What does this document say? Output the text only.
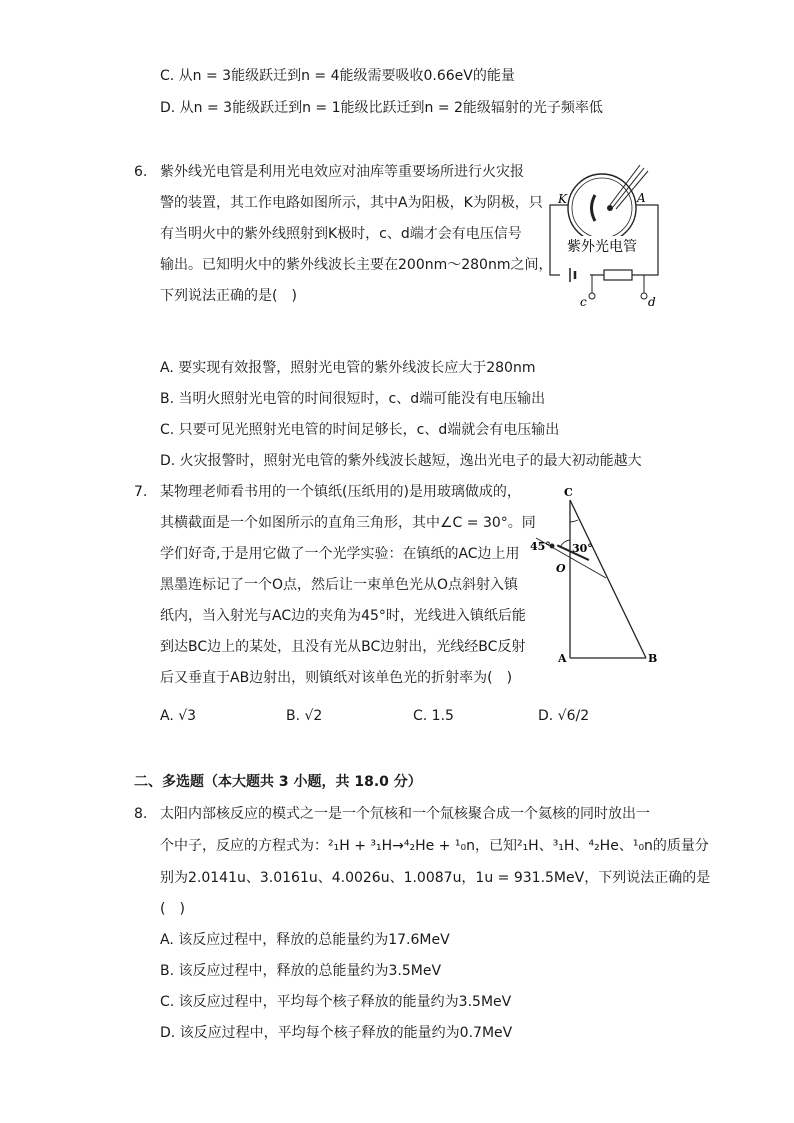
C. 从n = 3能级跃迁到n = 4能级需要吸收0.66eV的能量
D. 从n = 3能级跃迁到n = 1能级比跃迁到n = 2能级辐射的光子频率低
6. 紫外线光电管是利用光电效应对油库等重要场所进行火灾报
警的装置，其工作电路如图所示，其中A为阳极，K为阴极，只
有当明火中的紫外线照射到K极时，c、d端才会有电压信号
输出。已知明火中的紫外线波长主要在200nm～280nm之间，
下列说法正确的是(　)
K	A
紫外光电管
c	d
A. 要实现有效报警，照射光电管的紫外线波长应大于280nm
B. 当明火照射光电管的时间很短时，c、d端可能没有电压输出
C. 只要可见光照射光电管的时间足够长，c、d端就会有电压输出
D. 火灾报警时，照射光电管的紫外线波长越短，逸出光电子的最大初动能越大
7. 某物理老师看书用的一个镇纸(压纸用的)是用玻璃做成的，
其横截面是一个如图所示的直角三角形，其中∠C = 30°。同
学们好奇,于是用它做了一个光学实验：在镇纸的AC边上用
黑墨连标记了一个O点，然后让一束单色光从O点斜射入镇
纸内，当入射光与AC边的夹角为45°时，光线进入镇纸后能
到达BC边上的某处，且没有光从BC边射出，光线经BC反射
后又垂直于AB边射出，则镇纸对该单色光的折射率为(　)
C
45° 30°
O
A	B
A. √3	B. √2	C. 1.5	D. √6/2
二、多选题（本大题共 3 小题，共 18.0 分）
8. 太阳内部核反应的模式之一是一个氘核和一个氚核聚合成一个氦核的同时放出一
个中子，反应的方程式为：²₁H + ³₁H→⁴₂He + ¹₀n，已知²₁H、³₁H、⁴₂He、¹₀n的质量分
别为2.0141u、3.0161u、4.0026u、1.0087u，1u = 931.5MeV，下列说法正确的是
(　)
A. 该反应过程中，释放的总能量约为17.6MeV
B. 该反应过程中，释放的总能量约为3.5MeV
C. 该反应过程中，平均每个核子释放的能量约为3.5MeV
D. 该反应过程中，平均每个核子释放的能量约为0.7MeV
